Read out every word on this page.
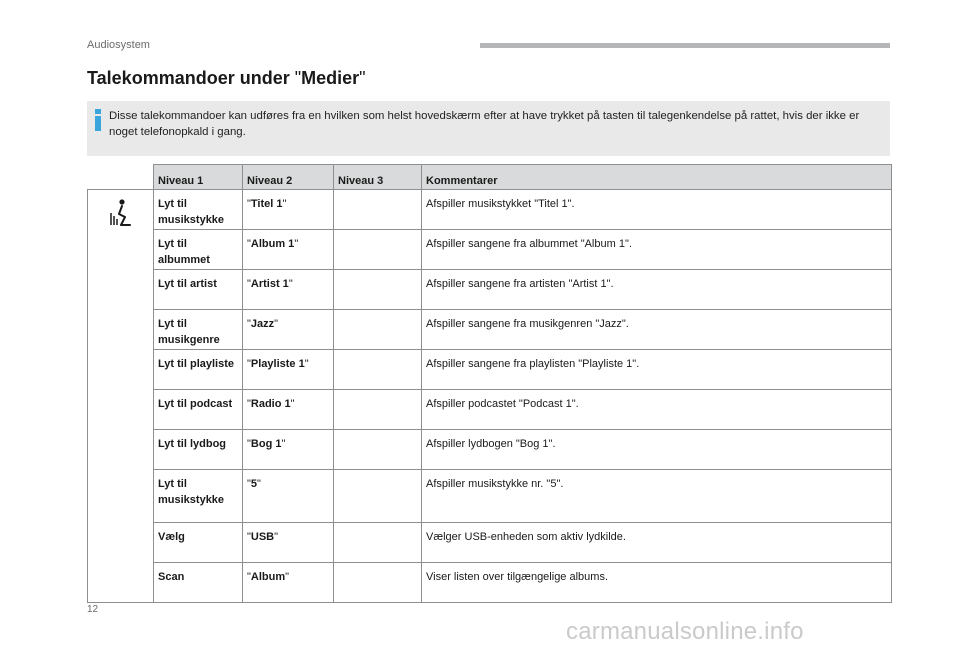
Audiosystem
Talekommandoer under "Medier"
Disse talekommandoer kan udføres fra en hvilken som helst hovedskærm efter at have trykket på tasten til talegenkendelse på rattet, hvis der ikke er noget telefonopkald i gang.
	Niveau 1	Niveau 2	Niveau 3	Kommentarer
	Lyt til musikstykke	"Titel 1"		Afspiller musikstykket "Titel 1".
	Lyt til albummet	"Album 1"		Afspiller sangene fra albummet "Album 1".
	Lyt til artist	"Artist 1"		Afspiller sangene fra artisten "Artist 1".
	Lyt til musikgenre	"Jazz"		Afspiller sangene fra musikgenren "Jazz".
	Lyt til playliste	"Playliste 1"		Afspiller sangene fra playlisten "Playliste 1".
	Lyt til podcast	"Radio 1"		Afspiller podcastet "Podcast 1".
	Lyt til lydbog	"Bog 1"		Afspiller lydbogen "Bog 1".
	Lyt til musikstykke	"5"		Afspiller musikstykke nr. "5".
	Vælg	"USB"		Vælger USB-enheden som aktiv lydkilde.
	Scan	"Album"		Viser listen over tilgængelige albums.
12
carmanualsonline.info
